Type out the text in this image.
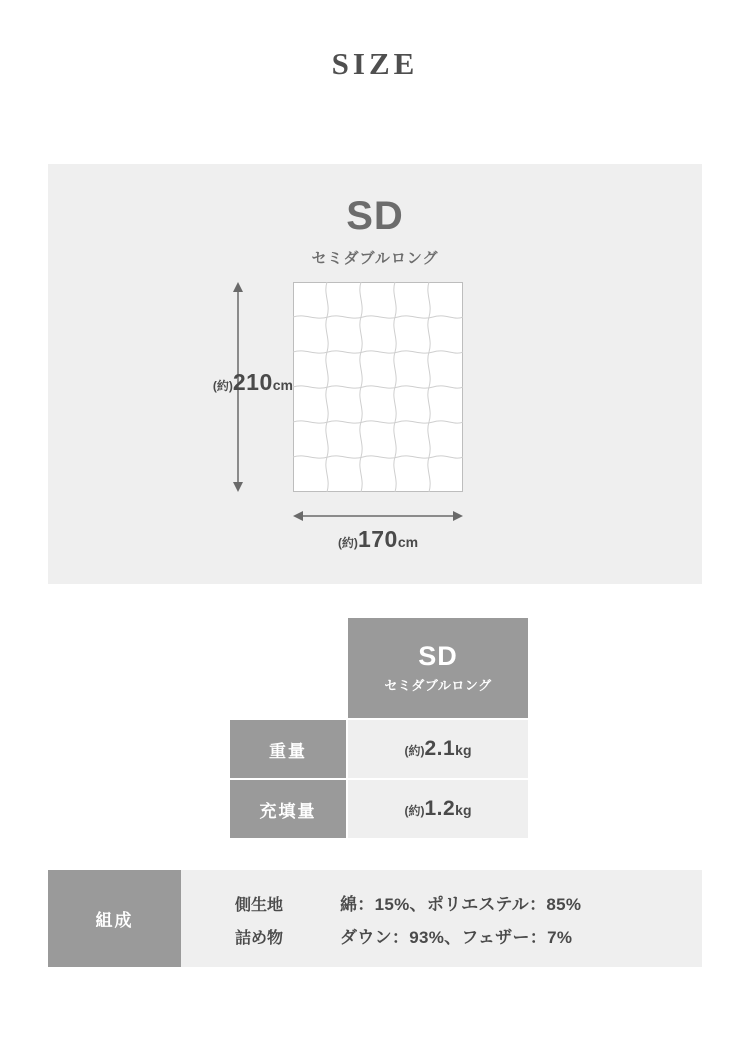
SIZE
SD
セミダブルロング
(約)210cm
(約)170cm

	SD
セミダブルロング

重量	(約)2.1kg
充填量	(約)1.2kg
組成
側生地	綿：15%、ポリエステル：85%
詰め物	ダウン：93%、フェザー：7%
